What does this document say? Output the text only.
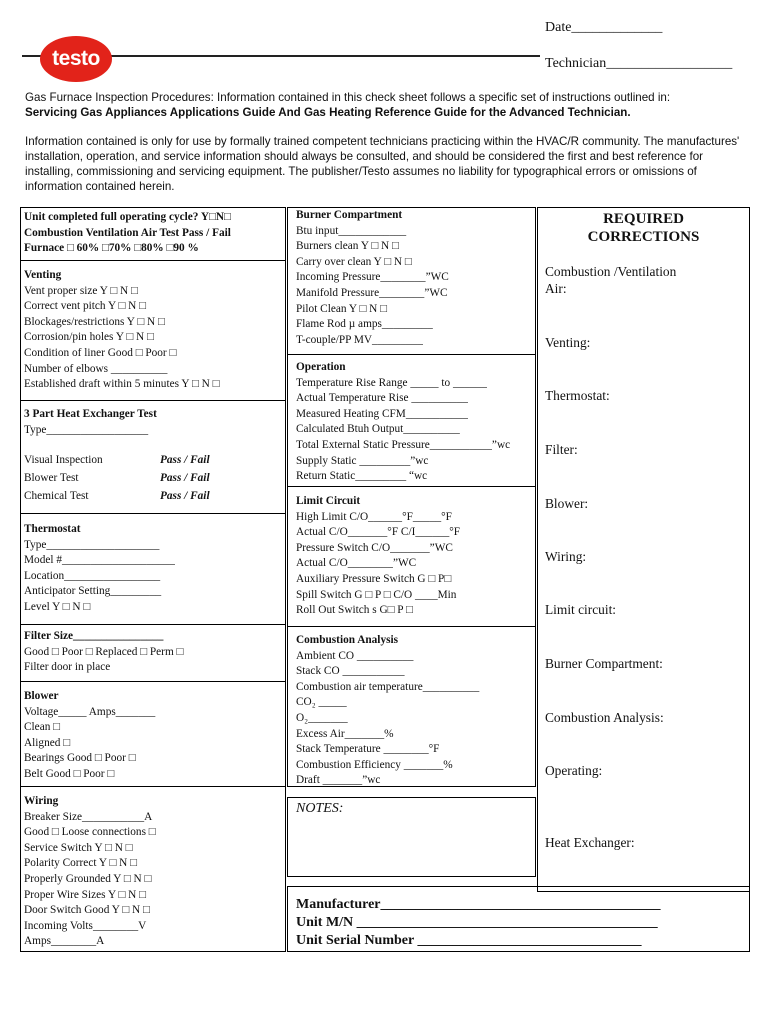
testo
Date_____________
Technician__________________
Gas Furnace Inspection Procedures: Information contained in this check sheet follows a specific set of instructions outlined in:
Servicing Gas Appliances Applications Guide And Gas Heating Reference Guide for the Advanced Technician.
Information contained is only for use by formally trained competent technicians practicing within the HVAC/R community. The manufactures' installation, operation, and service information should always be consulted, and should be considered the first and best reference for installing, commissioning and servicing equipment. The publisher/Testo assumes no liability for typographical errors or omissions of information contained herein.
Unit completed full operating cycle? Y□N□
Combustion Ventilation Air Test Pass / Fail
Furnace □ 60% □70% □80% □90 %
Venting
Vent proper size Y □ N □
Correct vent pitch Y □ N □
Blockages/restrictions Y □ N □
Corrosion/pin holes Y □ N □
Condition of liner Good □ Poor □
Number of elbows __________
Established draft within 5 minutes Y □ N □
3 Part Heat Exchanger Test
Type__________________
Visual Inspection	Pass / Fail
Blower Test	Pass / Fail
Chemical Test	Pass / Fail
Thermostat
Type____________________
Model #____________________
Location_________________
Anticipator Setting_________
Level Y □ N □
Filter Size________________
Good □ Poor □ Replaced □ Perm □
Filter door in place
Blower
Voltage_____ Amps_______
Clean □
Aligned □
Bearings Good □ Poor □
Belt Good □ Poor □
Wiring
Breaker Size___________A
Good □ Loose connections □
Service Switch Y □ N □
Polarity Correct Y □ N □
Properly Grounded Y □ N □
Proper Wire Sizes Y □ N □
Door Switch Good Y □ N □
Incoming Volts________V
Amps________A
Burner Compartment
Btu input____________
Burners clean Y □ N □
Carry over clean Y □ N □
Incoming Pressure________”WC
Manifold Pressure________”WC
Pilot Clean Y □ N □
Flame Rod µ amps_________
T-couple/PP MV_________
Operation
Temperature Rise Range _____ to ______
Actual Temperature Rise __________
Measured Heating CFM___________
Calculated Btuh Output__________
Total External Static Pressure___________”wc
Supply Static _________”wc
Return Static_________ “wc
Limit Circuit
High Limit C/O______°F_____°F
Actual C/O_______°F C/I______°F
Pressure Switch C/O_______”WC
Actual C/O________”WC
Auxiliary Pressure Switch G □ P□
Spill Switch G □ P □ C/O ____Min
Roll Out Switch s G□ P □
Combustion Analysis
Ambient CO __________
Stack CO ___________
Combustion air temperature__________
CO₂ _____
O₂_______
Excess Air_______%
Stack Temperature ________°F
Combustion Efficiency _______%
Draft _______”wc
NOTES:
Manufacturer________________________________________
Unit M/N ___________________________________________
Unit Serial Number ________________________________
REQUIRED
CORRECTIONS
Combustion /Ventilation
Air:
Venting:
Thermostat:
Filter:
Blower:
Wiring:
Limit circuit:
Burner Compartment:
Combustion Analysis:
Operating:
Heat Exchanger:
